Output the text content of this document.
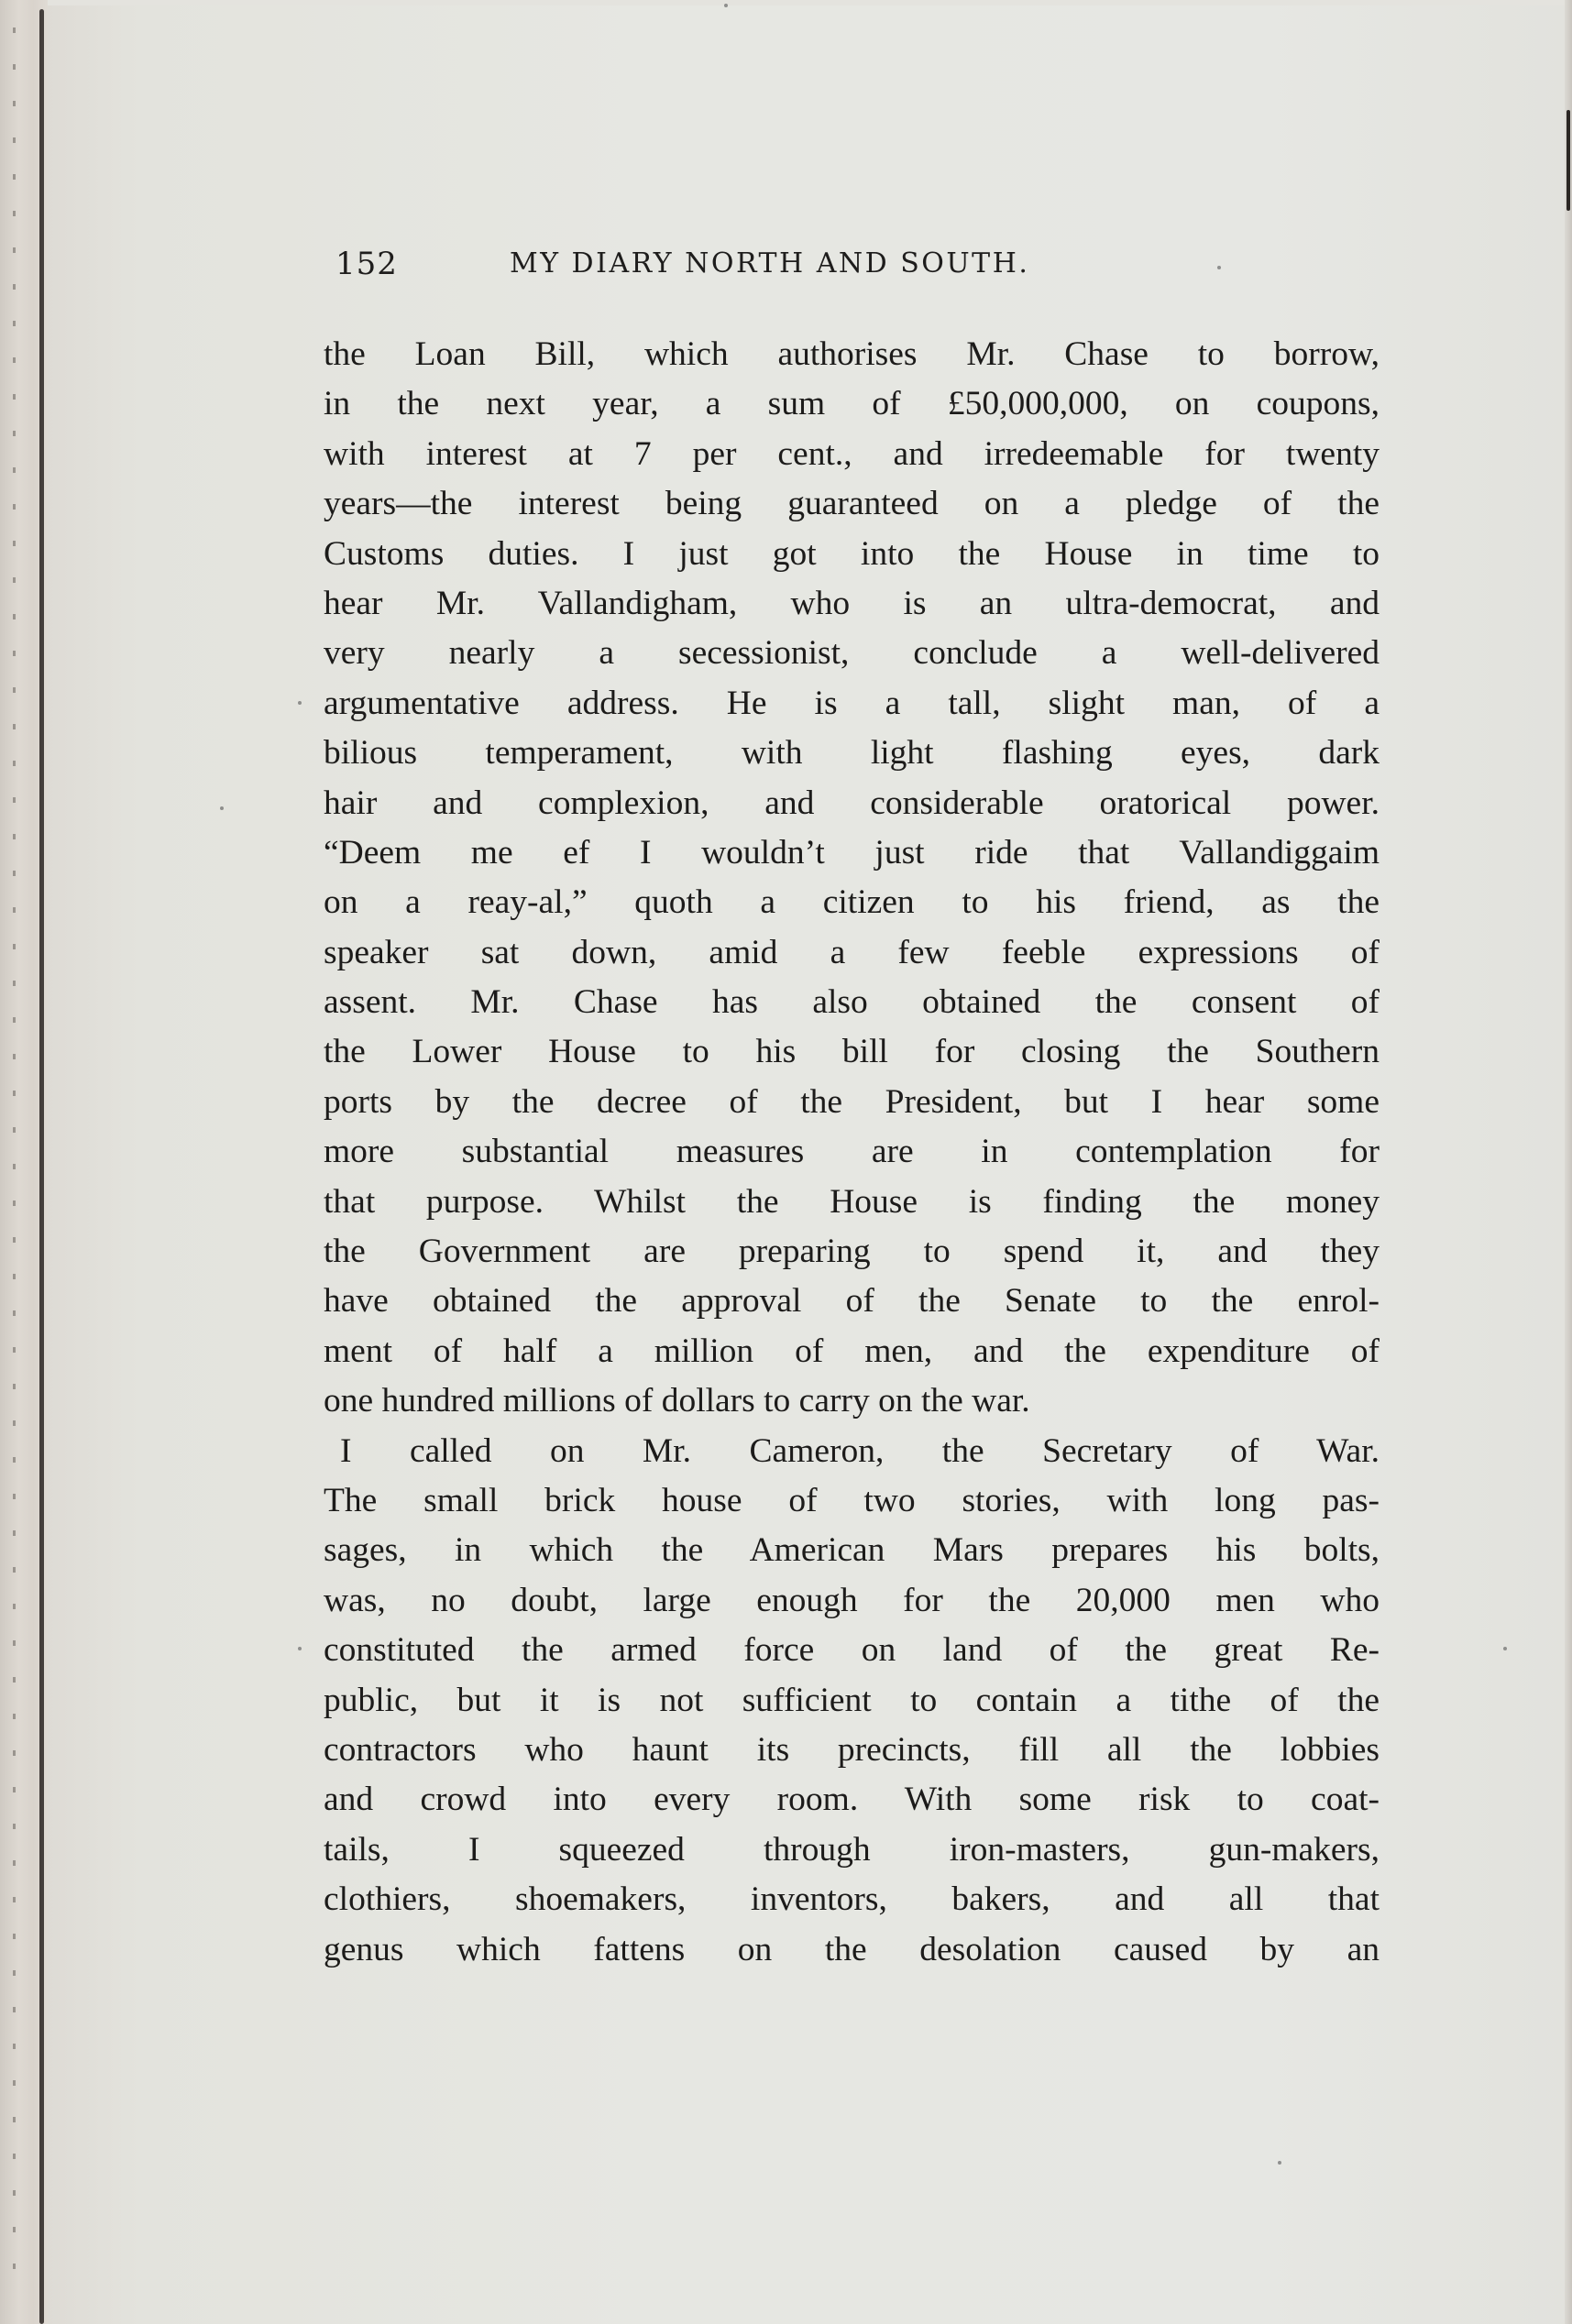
152	MY DIARY NORTH AND SOUTH.
the Loan Bill, which authorises Mr. Chase to borrow,
in the next year, a sum of £50,000,000, on coupons,
with interest at 7 per cent., and irredeemable for twenty
years—the interest being guaranteed on a pledge of the
Customs duties. I just got into the House in time to
hear Mr. Vallandigham, who is an ultra-democrat, and
very nearly a secessionist, conclude a well-delivered
argumentative address. He is a tall, slight man, of a
bilious temperament, with light flashing eyes, dark
hair and complexion, and considerable oratorical power.
“Deem me ef I wouldn’t just ride that Vallandiggaim
on a reay-al,” quoth a citizen to his friend, as the
speaker sat down, amid a few feeble expressions of
assent. Mr. Chase has also obtained the consent of
the Lower House to his bill for closing the Southern
ports by the decree of the President, but I hear some
more substantial measures are in contemplation for
that purpose. Whilst the House is finding the money
the Government are preparing to spend it, and they
have obtained the approval of the Senate to the enrol-
ment of half a million of men, and the expenditure of
one hundred millions of dollars to carry on the war.
I called on Mr. Cameron, the Secretary of War.
The small brick house of two stories, with long pas-
sages, in which the American Mars prepares his bolts,
was, no doubt, large enough for the 20,000 men who
constituted the armed force on land of the great Re-
public, but it is not sufficient to contain a tithe of the
contractors who haunt its precincts, fill all the lobbies
and crowd into every room. With some risk to coat-
tails, I squeezed through iron-masters, gun-makers,
clothiers, shoemakers, inventors, bakers, and all that
genus which fattens on the desolation caused by an
